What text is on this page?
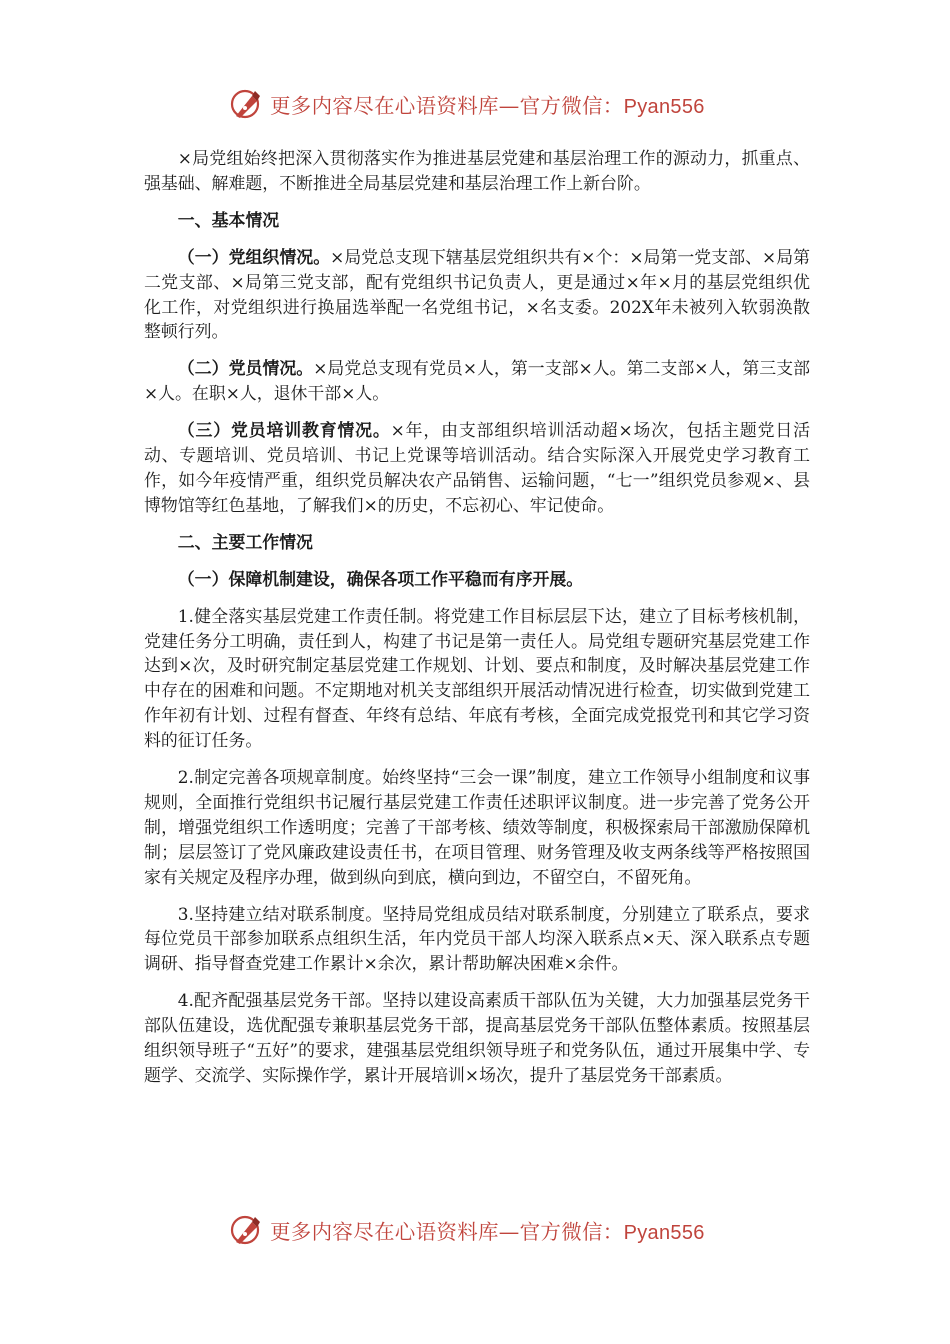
更多内容尽在心语资料库—官方微信：Pyan556

×局党组始终把深入贯彻落实作为推进基层党建和基层治理工作的源动力，抓重点、强基础、解难题，不断推进全局基层党建和基层治理工作上新台阶。

一、基本情况

（一）党组织情况。×局党总支现下辖基层党组织共有×个：×局第一党支部、×局第二党支部、×局第三党支部，配有党组织书记负责人，更是通过×年×月的基层党组织优化工作，对党组织进行换届选举配一名党组书记，×名支委。202X年未被列入软弱涣散整顿行列。

（二）党员情况。×局党总支现有党员×人，第一支部×人。第二支部×人，第三支部×人。在职×人，退休干部×人。

（三）党员培训教育情况。×年，由支部组织培训活动超×场次，包括主题党日活动、专题培训、党员培训、书记上党课等培训活动。结合实际深入开展党史学习教育工作，如今年疫情严重，组织党员解决农产品销售、运输问题，“七一”组织党员参观×、县博物馆等红色基地，了解我们×的历史，不忘初心、牢记使命。

二、主要工作情况

（一）保障机制建设，确保各项工作平稳而有序开展。

1.健全落实基层党建工作责任制。将党建工作目标层层下达，建立了目标考核机制，党建任务分工明确，责任到人，构建了书记是第一责任人。局党组专题研究基层党建工作达到×次，及时研究制定基层党建工作规划、计划、要点和制度，及时解决基层党建工作中存在的困难和问题。不定期地对机关支部组织开展活动情况进行检查，切实做到党建工作年初有计划、过程有督查、年终有总结、年底有考核，全面完成党报党刊和其它学习资料的征订任务。

2.制定完善各项规章制度。始终坚持“三会一课”制度，建立工作领导小组制度和议事规则，全面推行党组织书记履行基层党建工作责任述职评议制度。进一步完善了党务公开制，增强党组织工作透明度；完善了干部考核、绩效等制度，积极探索局干部激励保障机制；层层签订了党风廉政建设责任书，在项目管理、财务管理及收支两条线等严格按照国家有关规定及程序办理，做到纵向到底，横向到边，不留空白，不留死角。

3.坚持建立结对联系制度。坚持局党组成员结对联系制度，分别建立了联系点，要求每位党员干部参加联系点组织生活，年内党员干部人均深入联系点×天、深入联系点专题调研、指导督查党建工作累计×余次，累计帮助解决困难×余件。

4.配齐配强基层党务干部。坚持以建设高素质干部队伍为关键，大力加强基层党务干部队伍建设，选优配强专兼职基层党务干部，提高基层党务干部队伍整体素质。按照基层组织领导班子“五好”的要求，建强基层党组织领导班子和党务队伍，通过开展集中学、专题学、交流学、实际操作学，累计开展培训×场次，提升了基层党务干部素质。

更多内容尽在心语资料库—官方微信：Pyan556
